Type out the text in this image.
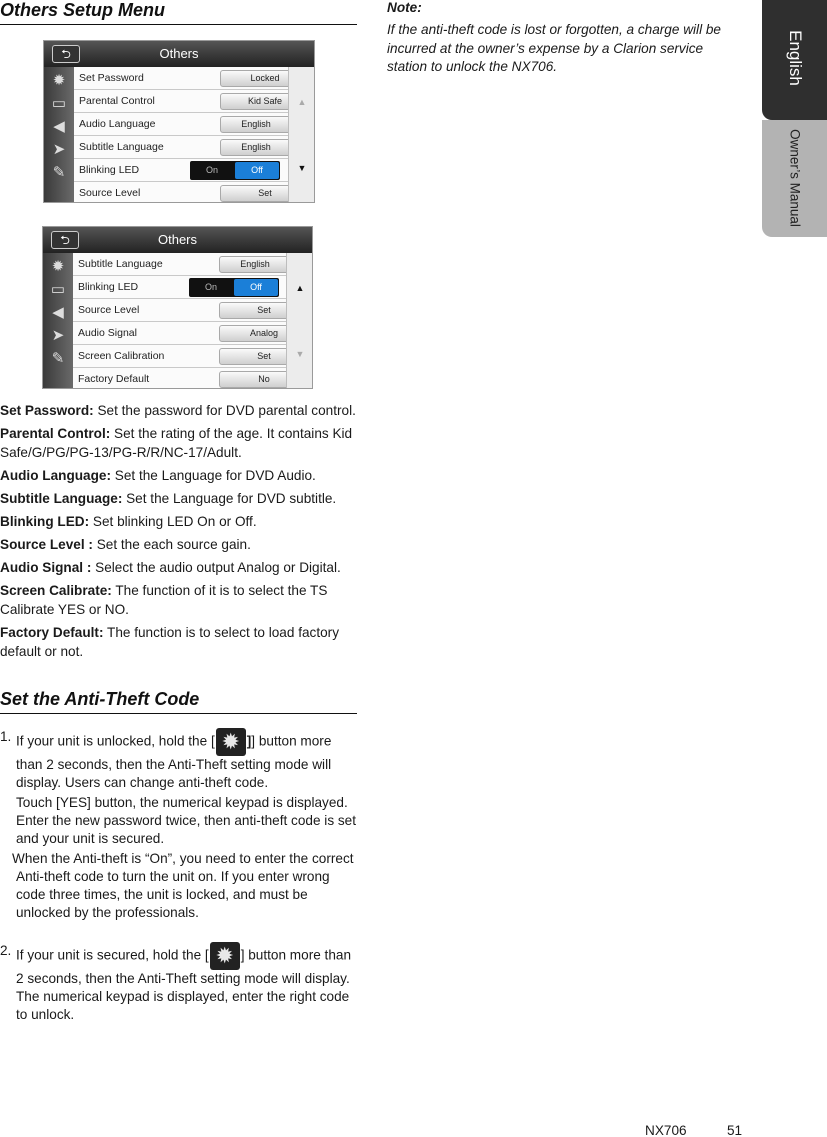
Others Setup Menu
Others
⮌
✹
▭
◀
➤
✎
Set Password	Locked
Parental Control	Kid Safe
Audio Language	English
Subtitle Language	English
Blinking LED	On	Off
Source Level	Set
▲
▼
Others
⮌
✹
▭
◀
➤
✎
Subtitle Language	English
Blinking LED	On	Off
Source Level	Set
Audio Signal	Analog
Screen Calibration	Set
Factory Default	No
▲
▼

Set Password: Set the password for DVD parental control.

Parental Control: Set the rating of the age. It contains Kid Safe/G/PG/PG-13/PG-R/R/NC-17/Adult.

Audio Language: Set the Language for DVD Audio.

Subtitle Language: Set the Language for DVD subtitle.

Blinking LED: Set blinking LED On or Off.

Source Level : Set the each source gain.

Audio Signal : Select the audio output Analog or Digital.

Screen Calibrate: The function of it is to select the TS Calibrate YES or NO.

Factory Default: The function is to select to load factory default or not.

Set the Anti-Theft Code
1. If your unit is unlocked, hold the [ ✹ ]] button more than 2 seconds, then the Anti-Theft setting mode will display. Users can change anti-theft code.
Touch [YES] button, the numerical keypad is displayed. Enter the new password twice, then anti-theft code is set and your unit is secured.
When the Anti-theft is “On”, you need to enter the correct Anti-theft code to turn the unit on. If you enter wrong code three times, the unit is locked, and must be unlocked by the professionals.
2. If your unit is secured, hold the [ ✹ ] button more than 2 seconds, then the Anti-Theft setting mode will display. The numerical keypad is displayed, enter the right code to unlock.
Note:
If the anti-theft code is lost or forgotten, a charge will be incurred at the owner’s expense by a Clarion service station to unlock the NX706.	English
Owner’s Manual
NX706	51
